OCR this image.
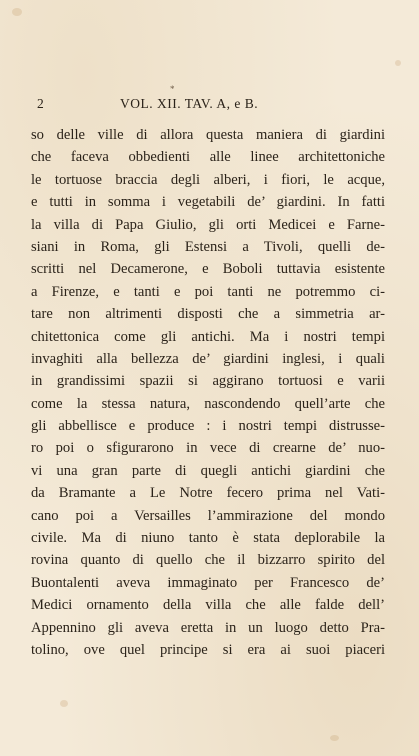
*
2	VOL. XII. TAV. A, e B.
so delle ville di allora questa maniera di giardini
che faceva obbedienti alle linee architettoniche
le tortuose braccia degli alberi, i fiori, le acque,
e tutti in somma i vegetabili de’ giardini. In fatti
la villa di Papa Giulio, gli orti Medicei e Farne-
siani in Roma, gli Estensi a Tivoli, quelli de-
scritti nel Decamerone, e Boboli tuttavia esistente
a Firenze, e tanti e poi tanti ne potremmo ci-
tare non altrimenti disposti che a simmetria ar-
chitettonica come gli antichi. Ma i nostri tempi
invaghiti alla bellezza de’ giardini inglesi, i quali
in grandissimi spazii si aggirano tortuosi e varii
come la stessa natura, nascondendo quell’arte che
gli abbellisce e produce : i nostri tempi distrusse-
ro poi o sfigurarono in vece di crearne de’ nuo-
vi una gran parte di quegli antichi giardini che
da Bramante a Le Notre fecero prima nel Vati-
cano poi a Versailles l’ammirazione del mondo
civile. Ma di niuno tanto è stata deplorabile la
rovina quanto di quello che il bizzarro spirito del
Buontalenti aveva immaginato per Francesco de’
Medici ornamento della villa che alle falde dell’
Appennino gli aveva eretta in un luogo detto Pra-
tolino, ove quel principe si era ai suoi piaceri
